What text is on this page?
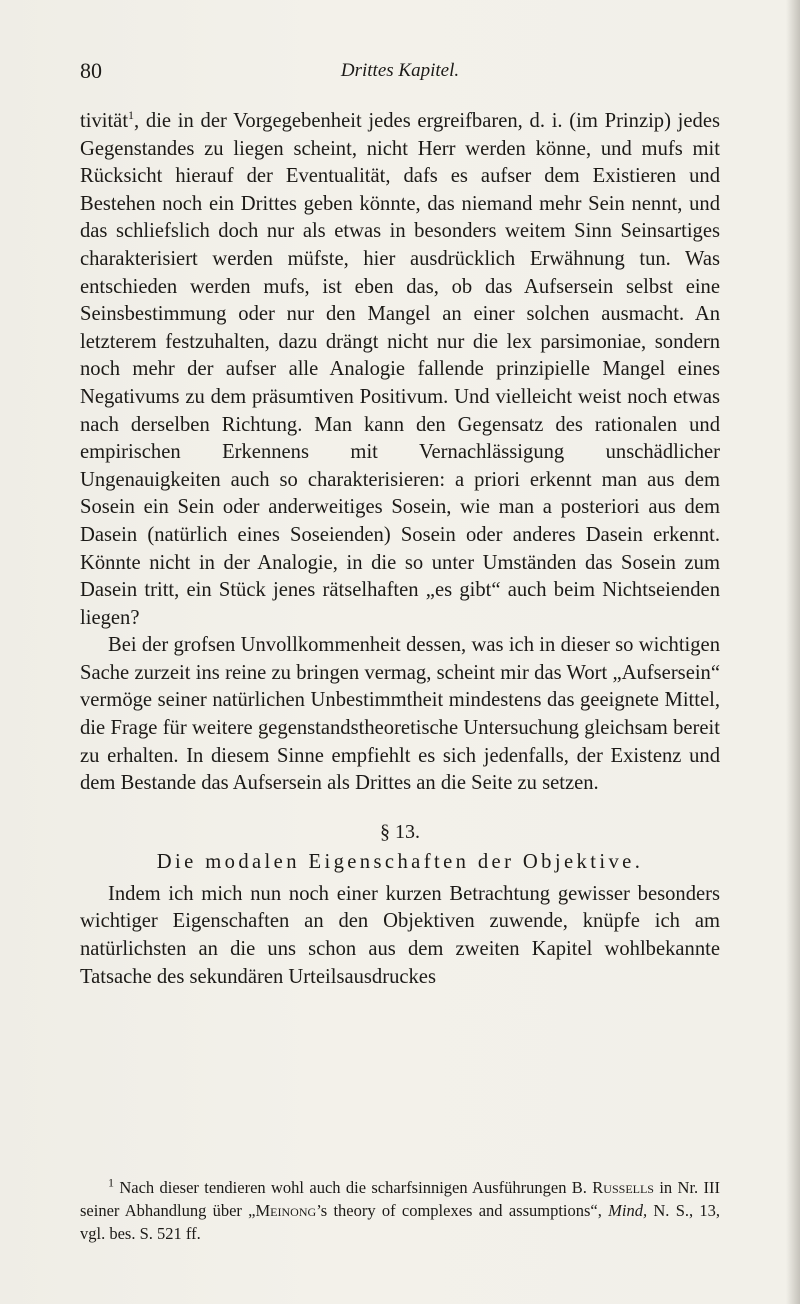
80	Drittes Kapitel.

tivität$^1$, die in der Vorgegebenheit jedes ergreifbaren, d. i. (im Prinzip) jedes Gegenstandes zu liegen scheint, nicht Herr werden könne, und mufs mit Rücksicht hierauf der Eventualität, dafs es aufser dem Existieren und Bestehen noch ein Drittes geben könnte, das niemand mehr Sein nennt, und das schliefslich doch nur als etwas in besonders weitem Sinn Seinsartiges charakterisiert werden müfste, hier ausdrücklich Erwähnung tun. Was entschieden werden mufs, ist eben das, ob das Aufsersein selbst eine Seinsbestimmung oder nur den Mangel an einer solchen ausmacht. An letzterem festzuhalten, dazu drängt nicht nur die lex parsimoniae, sondern noch mehr der aufser alle Analogie fallende prinzipielle Mangel eines Negativums zu dem präsumtiven Positivum. Und vielleicht weist noch etwas nach derselben Richtung. Man kann den Gegensatz des rationalen und empirischen Erkennens mit Vernachlässigung unschädlicher Ungenauigkeiten auch so charakterisieren: a priori erkennt man aus dem Sosein ein Sein oder anderweitiges Sosein, wie man a posteriori aus dem Dasein (natürlich eines Soseienden) Sosein oder anderes Dasein erkennt. Könnte nicht in der Analogie, in die so unter Umständen das Sosein zum Dasein tritt, ein Stück jenes rätselhaften „es gibt“ auch beim Nichtseienden liegen?

Bei der grofsen Unvollkommenheit dessen, was ich in dieser so wichtigen Sache zurzeit ins reine zu bringen vermag, scheint mir das Wort „Aufsersein“ vermöge seiner natürlichen Unbestimmtheit mindestens das geeignete Mittel, die Frage für weitere gegenstandstheoretische Untersuchung gleichsam bereit zu erhalten. In diesem Sinne empfiehlt es sich jedenfalls, der Existenz und dem Bestande das Aufsersein als Drittes an die Seite zu setzen.

§ 13.
Die modalen Eigenschaften der Objektive.

Indem ich mich nun noch einer kurzen Betrachtung gewisser besonders wichtiger Eigenschaften an den Objektiven zuwende, knüpfe ich am natürlichsten an die uns schon aus dem zweiten Kapitel wohlbekannte Tatsache des sekundären Urteilsausdruckes

$^1$ Nach dieser tendieren wohl auch die scharfsinnigen Ausführungen B. Russells in Nr. III seiner Abhandlung über „Meinong’s theory of complexes and assumptions“, Mind, N. S., 13, vgl. bes. S. 521 ff.
